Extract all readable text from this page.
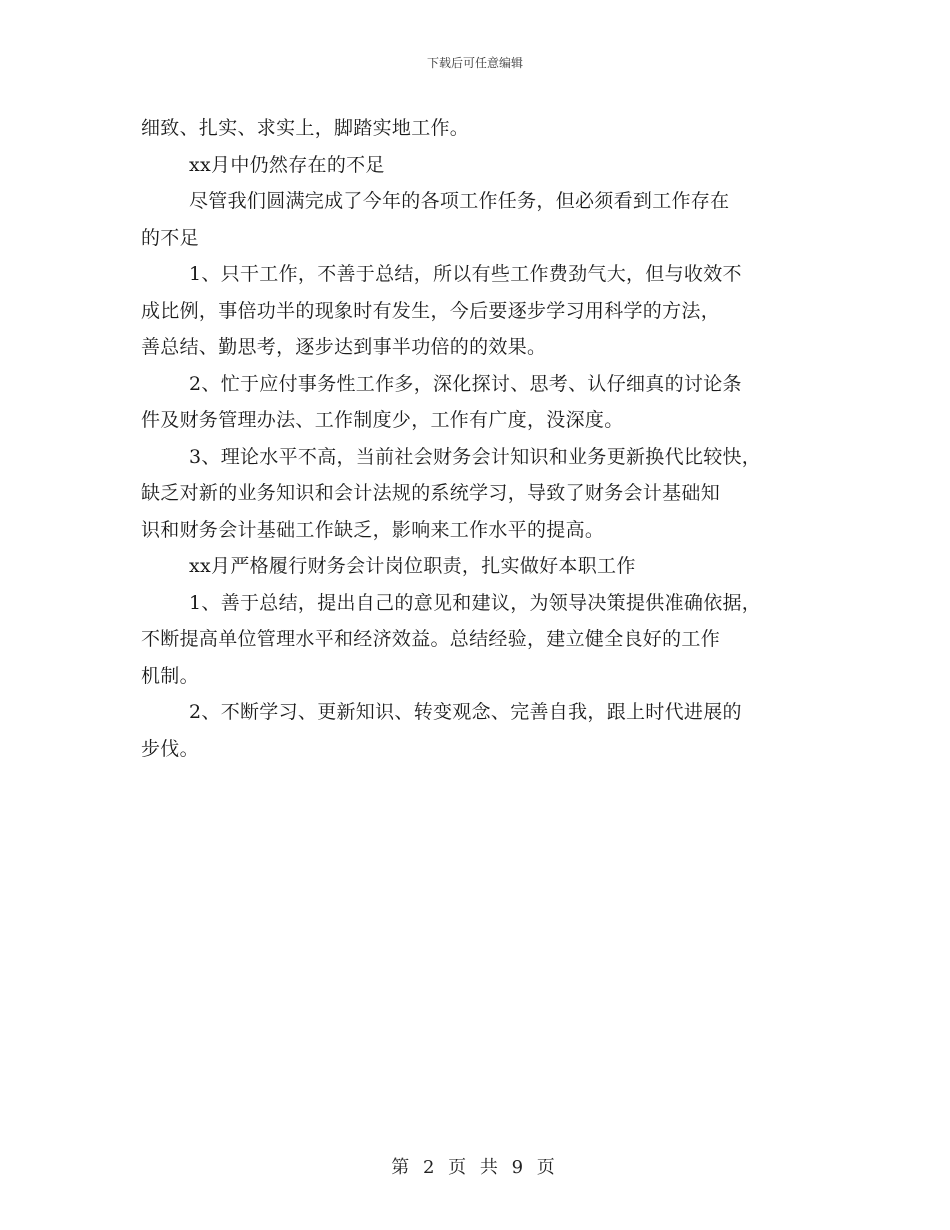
下载后可任意编辑
细致、扎实、求实上，脚踏实地工作。
xx月中仍然存在的不足
尽管我们圆满完成了今年的各项工作任务，但必须看到工作存在
的不足
1、只干工作，不善于总结，所以有些工作费劲气大，但与收效不
成比例，事倍功半的现象时有发生，今后要逐步学习用科学的方法，
善总结、勤思考，逐步达到事半功倍的的效果。
2、忙于应付事务性工作多，深化探讨、思考、认仔细真的讨论条
件及财务管理办法、工作制度少，工作有广度，没深度。
3、理论水平不高，当前社会财务会计知识和业务更新换代比较快，
缺乏对新的业务知识和会计法规的系统学习，导致了财务会计基础知
识和财务会计基础工作缺乏，影响来工作水平的提高。
xx月严格履行财务会计岗位职责，扎实做好本职工作
1、善于总结，提出自己的意见和建议，为领导决策提供准确依据，
不断提高单位管理水平和经济效益。总结经验，建立健全良好的工作
机制。
2、不断学习、更新知识、转变观念、完善自我，跟上时代进展的
步伐。
第 2 页 共 9 页
